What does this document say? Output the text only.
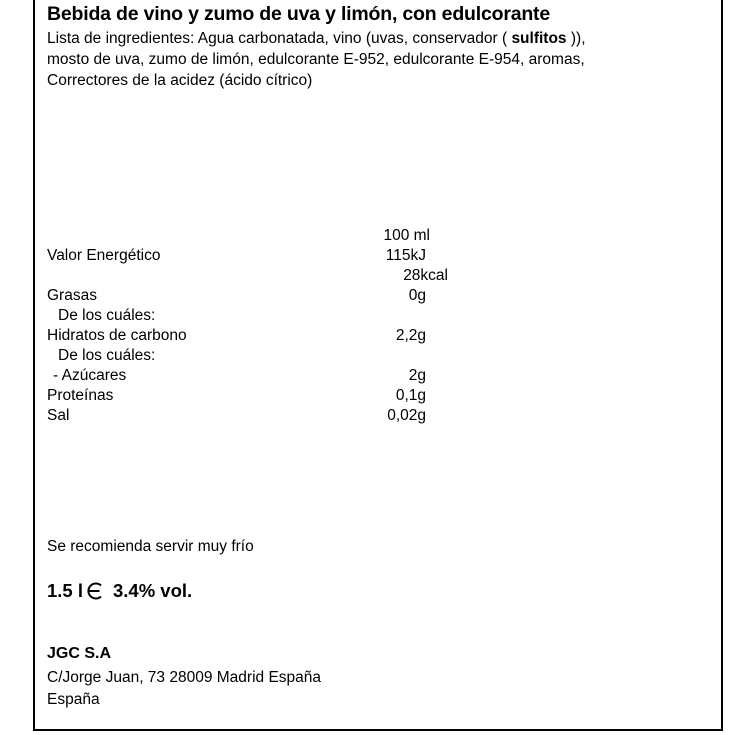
Bebida de vino y zumo de uva y limón, con edulcorante
Lista de ingredientes: Agua carbonatada, vino (uvas, conservador ( sulfitos )),
mosto de uva, zumo de limón, edulcorante E-952, edulcorante E-954, aromas,
Correctores de la acidez (ácido cítrico)
100 ml
Valor Energético	115kJ
28kcal
Grasas	0g
De los cuáles:
Hidratos de carbono	2,2g
De los cuáles:
- Azúcares	2g
Proteínas	0,1g
Sal	0,02g
Se recomienda servir muy frío
1.5 l 3.4% vol.
JGC S.A
C/Jorge Juan, 73 28009 Madrid España
España
